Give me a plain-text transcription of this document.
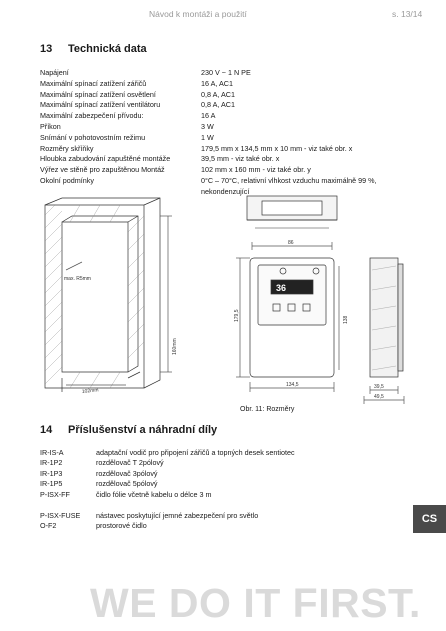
Návod k montáži a použití	s. 13/14
13 Technická data
Napájení	230 V ~ 1 N PE
Maximální spínací zatížení zářičů	16 A, AC1
Maximální spínací zatížení osvětlení	0,8 A, AC1
Maximální spínací zatížení ventilátoru	0,8 A, AC1
Maximální zabezpečení přívodu:	16 A
Příkon	3 W
Snímání v pohotovostním režimu	1 W
Rozměry skříňky	179,5 mm x 134,5 mm x 10 mm - viz také obr. x
Hloubka zabudování zapuštěné montáže	39,5 mm - viz také obr. x
Výřez ve stěně pro zapuštěnou Montáž	102 mm x 160 mm - viz také obr. y
Okolní podmínky	0°C – 70°C, relativní vlhkost vzduchu maximálně 99 %,
nekondenzující
max. R5mm
160mm
102mm
36
86
179,5	138
134,5	39,5
49,5
Obr. 11: Rozměry
14 Příslušenství a náhradní díly
IR-IS-A	adaptační vodič pro připojení zářičů a topných desek sentiotec
IR-1P2	rozdělovač T 2pólový
IR-1P3	rozdělovač 3pólový
IR-1P5	rozdělovač 5pólový
P-ISX-FF	čidlo fólie včetně kabelu o délce 3 m
P-ISX-FUSE nástavec poskytující jemné zabezpečení pro světlo
O-F2	prostorové čidlo
CS
WE DO IT FIRST.
